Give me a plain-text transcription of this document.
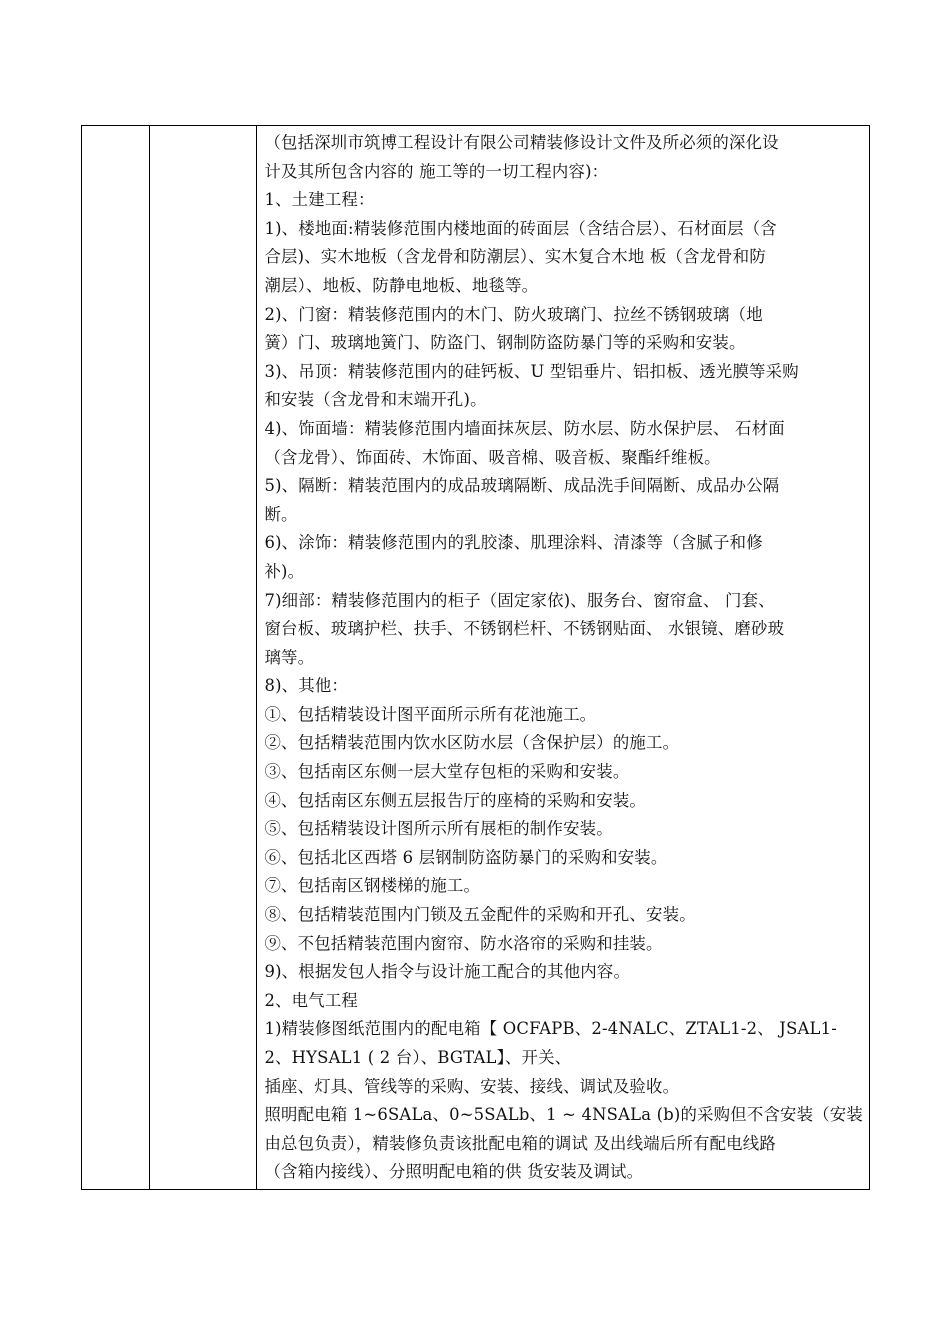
（包括深圳市筑博工程设计有限公司精装修设计文件及所必须的深化设
计及其所包含内容的 施工等的一切工程内容)：
1、土建工程：
1)、楼地面:精装修范围内楼地面的砖面层（含结合层）、石材面层（含
合层)、实木地板（含龙骨和防潮层）、实木复合木地 板（含龙骨和防
潮层）、地板、防静电地板、地毯等。
2)、门窗：精装修范围内的木门、防火玻璃门、拉丝不锈钢玻璃（地
簧）门、玻璃地簧门、防盗门、钢制防盗防暴门等的采购和安装。
3)、吊顶：精装修范围内的硅钙板、U 型铝垂片、铝扣板、透光膜等采购
和安装（含龙骨和末端开孔)。
4)、饰面墙：精装修范围内墙面抹灰层、防水层、防水保护层、 石材面
（含龙骨）、饰面砖、木饰面、吸音棉、吸音板、聚酯纤维板。
5)、隔断：精装范围内的成品玻璃隔断、成品洗手间隔断、成品办公隔
断。
6)、涂饰：精装修范围内的乳胶漆、肌理涂料、清漆等（含腻子和修
补)。
7)细部：精装修范围内的柜子（固定家依)、服务台、窗帘盒、 门套、
窗台板、玻璃护栏、扶手、不锈钢栏杆、不锈钢贴面、 水银镜、磨砂玻
璃等。
8)、其他：
①、包括精装设计图平面所示所有花池施工。
②、包括精装范围内饮水区防水层（含保护层）的施工。
③、包括南区东侧一层大堂存包柜的采购和安装。
④、包括南区东侧五层报告厅的座椅的采购和安装。
⑤、包括精装设计图所示所有展柜的制作安装。
⑥、包括北区西塔 6 层钢制防盗防暴门的采购和安装。
⑦、包括南区钢楼梯的施工。
⑧、包括精装范围内门锁及五金配件的采购和开孔、安装。
⑨、不包括精装范围内窗帘、防水洛帘的采购和挂装。
9)、根据发包人指令与设计施工配合的其他内容。
2、电气工程
1)精装修图纸范围内的配电箱【 OCFAPB、2-4NALC、ZTAL1-2、 JSAL1-
2、HYSAL1 ( 2 台）、BGTAL】、开关、
插座、灯具、管线等的采购、安装、接线、调试及验收。
照明配电箱 1~6SALa、0~5SALb、1 ~ 4NSALa (b)的采购但不含安装（安装
由总包负责），精装修负责该批配电箱的调试 及出线端后所有配电线路
（含箱内接线）、分照明配电箱的供 货安装及调试。
